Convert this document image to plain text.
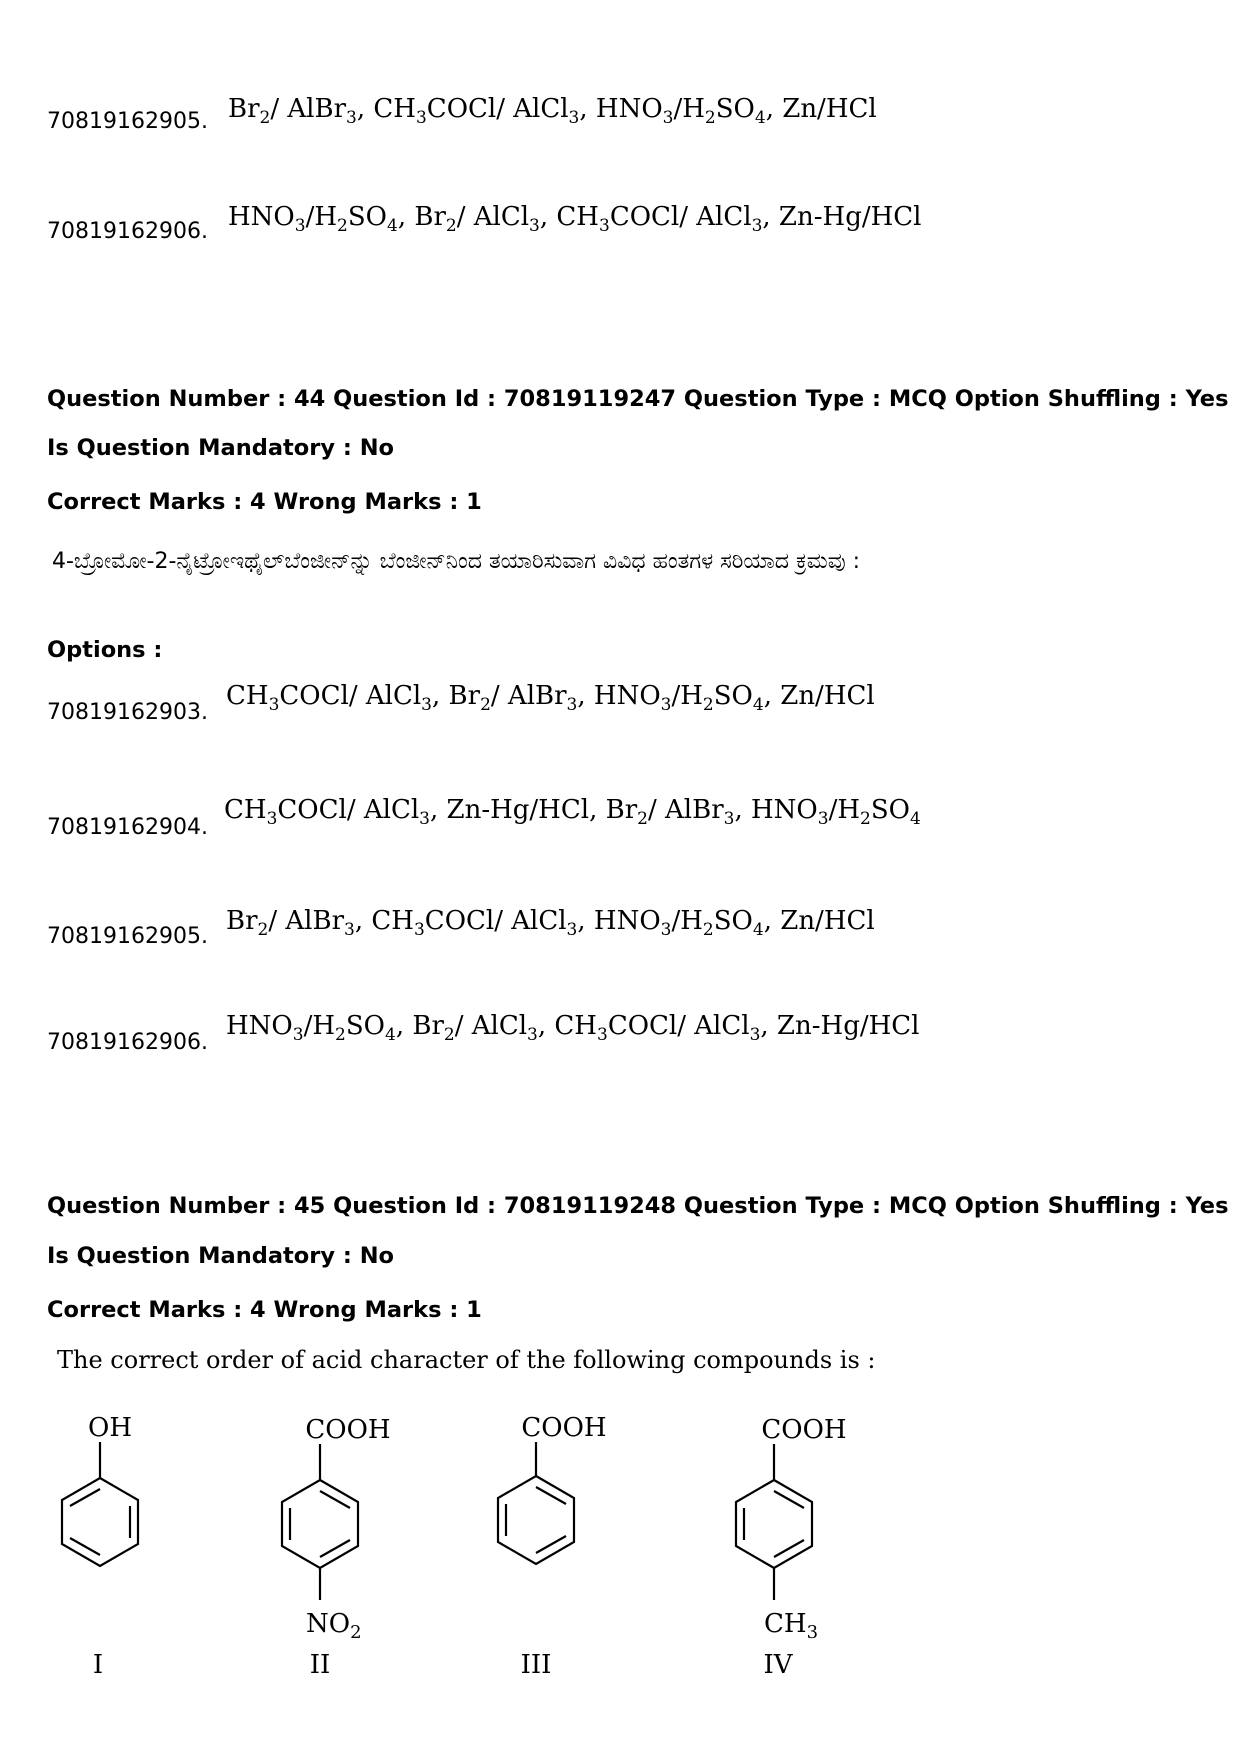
70819162905. $Br_2/$ AlBr$_3$, $CH_3COCl/$ AlCl$_3$, $HNO_3/H_2SO_4$, Zn/HCl
70819162906. $HNO_3/H_2SO_4$, $Br_2/$ AlCl$_3$, $CH_3COCl/$ AlCl$_3$, Zn-Hg/HCl
Question Number : 44 Question Id : 70819119247 Question Type : MCQ Option Shuffling : Yes
Is Question Mandatory : No
Correct Marks : 4 Wrong Marks : 1
4-ಬ್ರೋಮೋ-2-ನೈಟ್ರೋಇಥೈಲ್‌ಬೆಂಜೀನ್‌ನ್ನು ಬೆಂಜೀನ್‌ನಿಂದ ತಯಾರಿಸುವಾಗ ವಿವಿಧ ಹಂತಗಳ ಸರಿಯಾದ ಕ್ರಮವು :
Options :
70819162903.
$CH_3COCl/$ AlCl$_3$, $Br_2/$ AlBr$_3$, $HNO_3/H_2SO_4$, Zn/HCl
70819162904.
$CH_3COCl/$ AlCl$_3$, Zn-Hg/HCl, $Br_2/$ AlBr$_3$, $HNO_3/H_2SO_4$
70819162905.
$Br_2/$ AlBr$_3$, $CH_3COCl/$ AlCl$_3$, $HNO_3/H_2SO_4$, Zn/HCl
70819162906.
$HNO_3/H_2SO_4$, $Br_2/$ AlCl$_3$, $CH_3COCl/$ AlCl$_3$, Zn-Hg/HCl
Question Number : 45 Question Id : 70819119248 Question Type : MCQ Option Shuffling : Yes
Is Question Mandatory : No
Correct Marks : 4 Wrong Marks : 1
The correct order of acid character of the following compounds is :
OH	COOH	COOH	COOH
$NO_2$	$CH_3$
I	II	III	IV
